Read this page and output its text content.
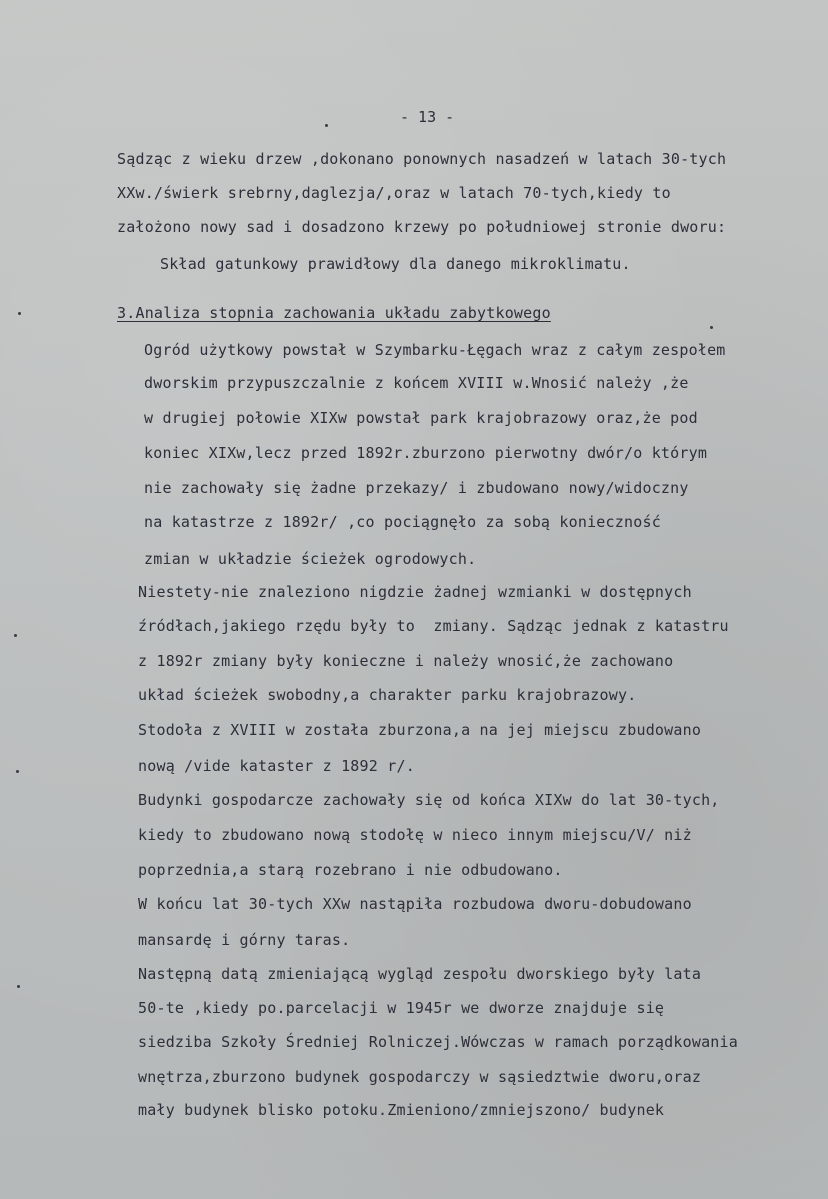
- 13 -
Sądząc z wieku drzew ,dokonano ponownych nasadzeń w latach 30-tych
XXw./świerk srebrny,daglezja/,oraz w latach 70-tych,kiedy to
założono nowy sad i dosadzono krzewy po południowej stronie dworu:
Skład gatunkowy prawidłowy dla danego mikroklimatu.
3.Analiza stopnia zachowania układu zabytkowego
Ogród użytkowy powstał w Szymbarku-Łęgach wraz z całym zespołem
dworskim przypuszczalnie z końcem XVIII w.Wnosić należy ,że
w drugiej połowie XIXw powstał park krajobrazowy oraz,że pod
koniec XIXw,lecz przed 1892r.zburzono pierwotny dwór/o którym
nie zachowały się żadne przekazy/ i zbudowano nowy/widoczny
na katastrze z 1892r/ ,co pociągnęło za sobą konieczność
zmian w układzie ścieżek ogrodowych.
Niestety-nie znaleziono nigdzie żadnej wzmianki w dostępnych
źródłach,jakiego rzędu były to  zmiany. Sądząc jednak z katastru
z 1892r zmiany były konieczne i należy wnosić,że zachowano
układ ścieżek swobodny,a charakter parku krajobrazowy.
Stodoła z XVIII w została zburzona,a na jej miejscu zbudowano
nową /vide kataster z 1892 r/.
Budynki gospodarcze zachowały się od końca XIXw do lat 30-tych,
kiedy to zbudowano nową stodołę w nieco innym miejscu/V/ niż
poprzednia,a starą rozebrano i nie odbudowano.
W końcu lat 30-tych XXw nastąpiła rozbudowa dworu-dobudowano
mansardę i górny taras.
Następną datą zmieniającą wygląd zespołu dworskiego były lata
50-te ,kiedy po.parcelacji w 1945r we dworze znajduje się
siedziba Szkoły Średniej Rolniczej.Wówczas w ramach porządkowania
wnętrza,zburzono budynek gospodarczy w sąsiedztwie dworu,oraz
mały budynek blisko potoku.Zmieniono/zmniejszono/ budynek
